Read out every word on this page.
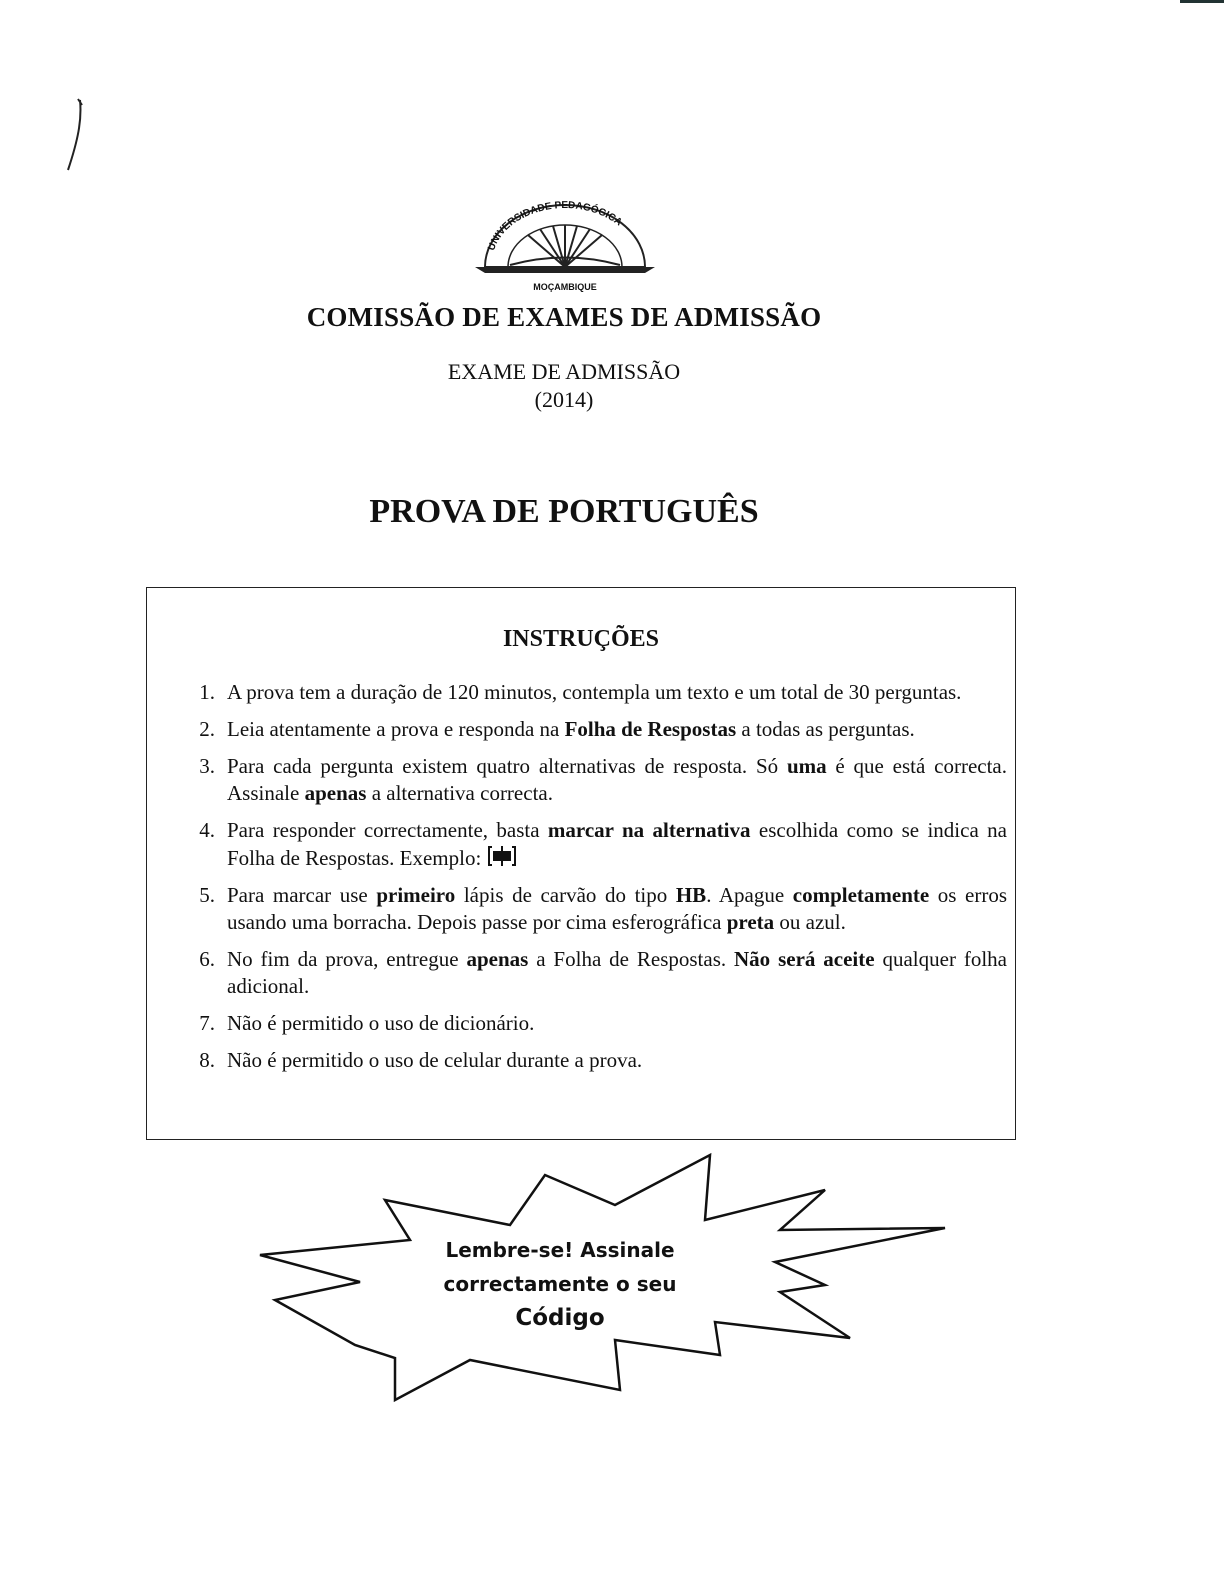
UNIVERSIDADE PEDAGÓGICA
MOÇAMBIQUE
COMISSÃO DE EXAMES DE ADMISSÃO
EXAME DE ADMISSÃO
(2014)
PROVA DE PORTUGUÊS
INSTRUÇÕES
1. A prova tem a duração de 120 minutos, contempla um texto e um total de 30 perguntas.
2. Leia atentamente a prova e responda na Folha de Respostas a todas as perguntas.
3. Para cada pergunta existem quatro alternativas de resposta. Só uma é que está correcta. Assinale apenas a alternativa correcta.
4. Para responder correctamente, basta marcar na alternativa escolhida como se indica na Folha de Respostas. Exemplo:
5. Para marcar use primeiro lápis de carvão do tipo HB. Apague completamente os erros usando uma borracha. Depois passe por cima esferográfica preta ou azul.
6. No fim da prova, entregue apenas a Folha de Respostas. Não será aceite qualquer folha adicional.
7. Não é permitido o uso de dicionário.
8. Não é permitido o uso de celular durante a prova.
Lembre-se! Assinale
correctamente o seu
Código
